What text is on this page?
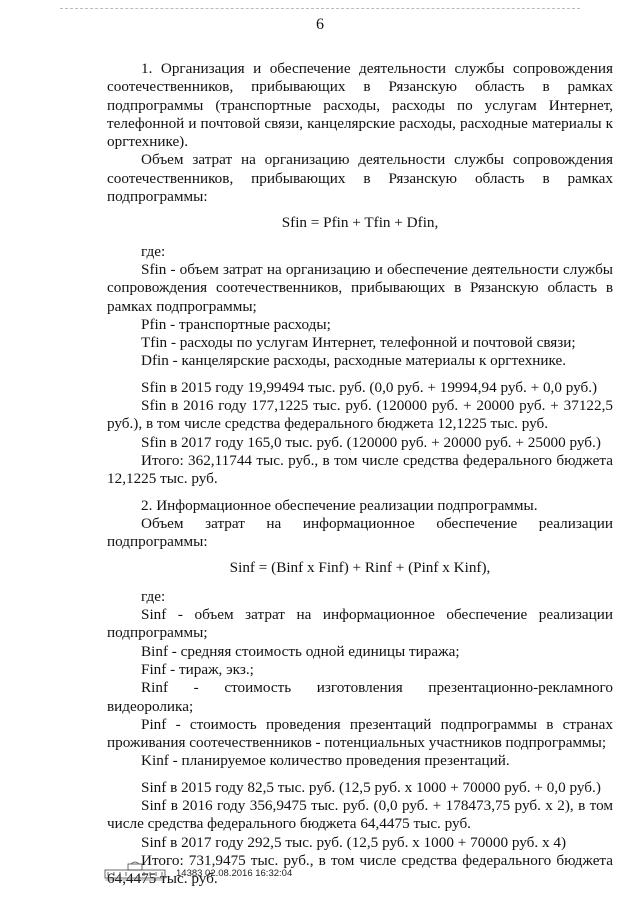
6

1. Организация и обеспечение деятельности службы сопровождения соотечественников, прибывающих в Рязанскую область в рамках подпрограммы (транспортные расходы, расходы по услугам Интернет, телефонной и почтовой связи, канцелярские расходы, расходные материалы к оргтехнике).

Объем затрат на организацию деятельности службы сопровождения соотечественников, прибывающих в Рязанскую область в рамках подпрограммы:

Sfin = Pfin + Tfin + Dfin,

где:

Sfin - объем затрат на организацию и обеспечение деятельности службы сопровождения соотечественников, прибывающих в Рязанскую область в рамках подпрограммы;

Pfin - транспортные расходы;

Tfin - расходы по услугам Интернет, телефонной и почтовой связи;

Dfin - канцелярские расходы, расходные материалы к оргтехнике.

Sfin в 2015 году 19,99494 тыс. руб. (0,0 руб. + 19994,94 руб. + 0,0 руб.)

Sfin в 2016 году 177,1225 тыс. руб. (120000 руб. + 20000 руб. + 37122,5 руб.), в том числе средства федерального бюджета 12,1225 тыс. руб.

Sfin в 2017 году 165,0 тыс. руб. (120000 руб. + 20000 руб. + 25000 руб.)

Итого: 362,11744 тыс. руб., в том числе средства федерального бюджета 12,1225 тыс. руб.

2. Информационное обеспечение реализации подпрограммы.

Объем затрат на информационное обеспечение реализации подпрограммы:

Sinf = (Binf x Finf) + Rinf + (Pinf x Kinf),

где:

Sinf - объем затрат на информационное обеспечение реализации подпрограммы;

Binf - средняя стоимость одной единицы тиража;

Finf - тираж, экз.;

Rinf - стоимость изготовления презентационно-рекламного видеоролика;

Pinf - стоимость проведения презентаций подпрограммы в странах проживания соотечественников - потенциальных участников подпрограммы;

Kinf - планируемое количество проведения презентаций.

Sinf в 2015 году 82,5 тыс. руб. (12,5 руб. х 1000 + 70000 руб. + 0,0 руб.)

Sinf в 2016 году 356,9475 тыс. руб. (0,0 руб. + 178473,75 руб. х 2), в том числе средства федерального бюджета 64,4475 тыс. руб.

Sinf в 2017 году 292,5 тыс. руб. (12,5 руб. х 1000 + 70000 руб. х 4)

Итого: 731,9475 тыс. руб., в том числе средства федерального бюджета 64,4475 тыс. руб.

14383 02.08.2016 16:32:04
